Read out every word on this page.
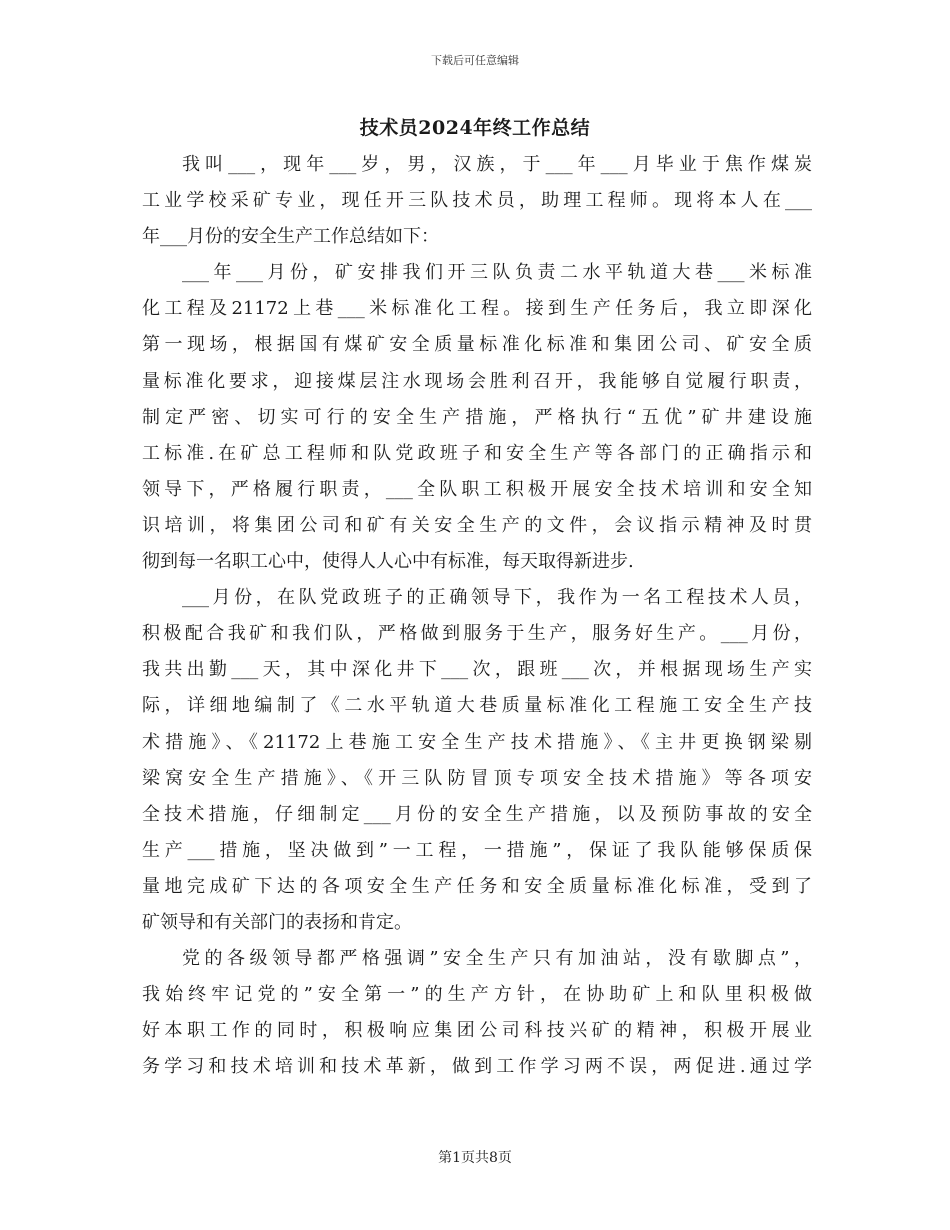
下载后可任意编辑
技术员2024年终工作总结
我叫___，现年___岁，男，汉族，于___年___月毕业于焦作煤炭
工业学校采矿专业，现任开三队技术员，助理工程师。现将本人在___
年___月份的安全生产工作总结如下：
___年___月份，矿安排我们开三队负责二水平轨道大巷___米标准
化工程及21172上巷___米标准化工程。接到生产任务后，我立即深化
第一现场，根据国有煤矿安全质量标准化标准和集团公司、矿安全质
量标准化要求，迎接煤层注水现场会胜利召开，我能够自觉履行职责，
制定严密、切实可行的安全生产措施，严格执行“五优”矿井建设施
工标准.在矿总工程师和队党政班子和安全生产等各部门的正确指示和
领导下，严格履行职责，___全队职工积极开展安全技术培训和安全知
识培训，将集团公司和矿有关安全生产的文件，会议指示精神及时贯
彻到每一名职工心中，使得人人心中有标准，每天取得新进步.
___月份，在队党政班子的正确领导下，我作为一名工程技术人员，
积极配合我矿和我们队，严格做到服务于生产，服务好生产。___月份，
我共出勤___天，其中深化井下___次，跟班___次，并根据现场生产实
际，详细地编制了《二水平轨道大巷质量标准化工程施工安全生产技
术措施》、《21172上巷施工安全生产技术措施》、《主井更换钢梁剔
梁窝安全生产措施》、《开三队防冒顶专项安全技术措施》等各项安
全技术措施，仔细制定___月份的安全生产措施，以及预防事故的安全
生产___措施，坚决做到”一工程，一措施”，保证了我队能够保质保
量地完成矿下达的各项安全生产任务和安全质量标准化标准，受到了
矿领导和有关部门的表扬和肯定。
党的各级领导都严格强调”安全生产只有加油站，没有歇脚点”，
我始终牢记党的”安全第一”的生产方针，在协助矿上和队里积极做
好本职工作的同时，积极响应集团公司科技兴矿的精神，积极开展业
务学习和技术培训和技术革新，做到工作学习两不误，两促进.通过学
第1页共8页
